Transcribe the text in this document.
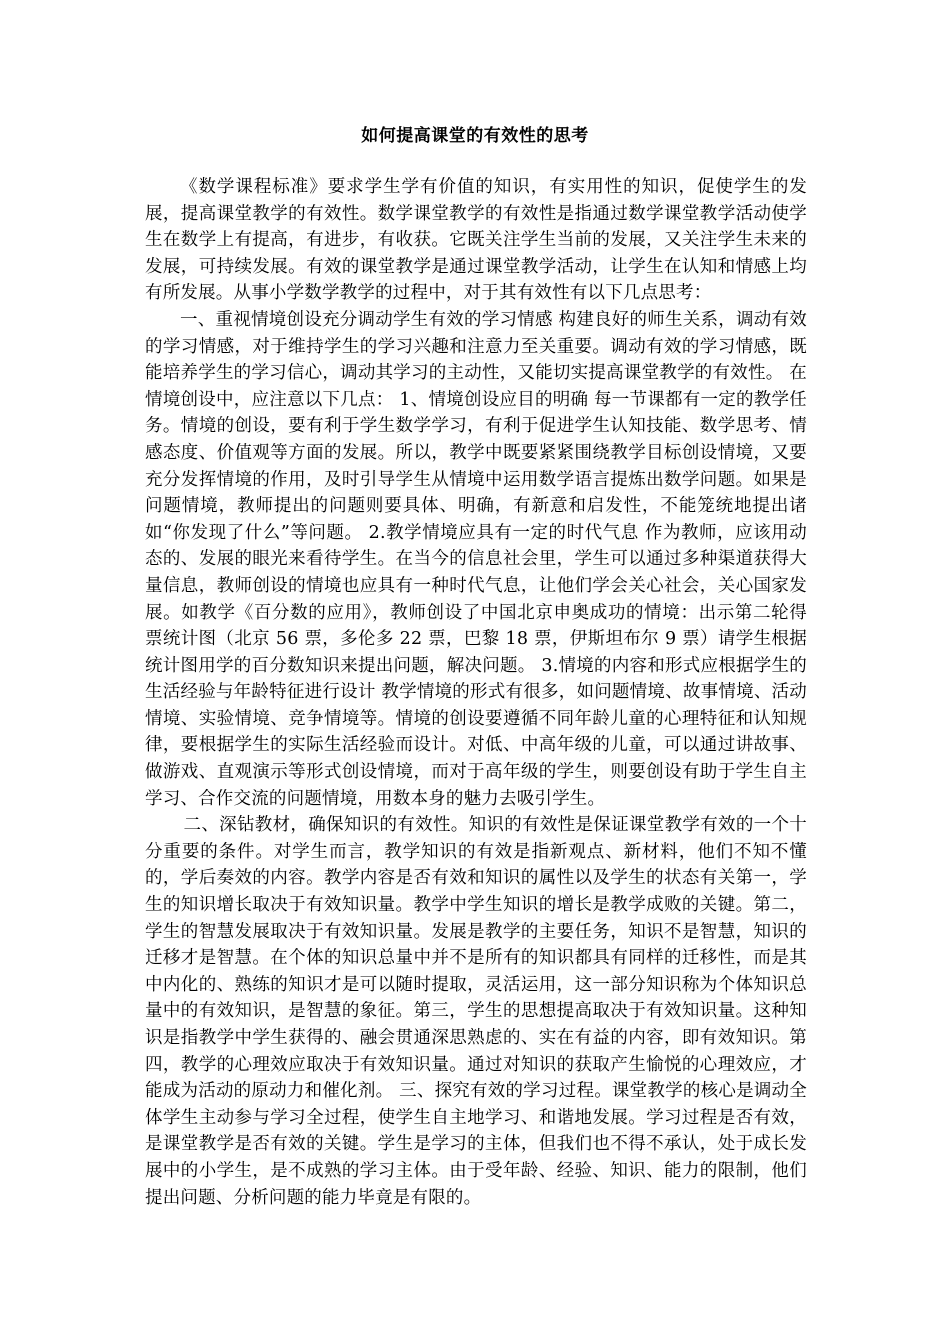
如何提高课堂的有效性的思考

《数学课程标准》要求学生学有价值的知识，有实用性的知识，促使学生的发展，提高课堂教学的有效性。数学课堂教学的有效性是指通过数学课堂教学活动使学生在数学上有提高，有进步，有收获。它既关注学生当前的发展，又关注学生未来的发展，可持续发展。有效的课堂教学是通过课堂教学活动，让学生在认知和情感上均有所发展。从事小学数学教学的过程中，对于其有效性有以下几点思考：

一、重视情境创设充分调动学生有效的学习情感 构建良好的师生关系，调动有效的学习情感，对于维持学生的学习兴趣和注意力至关重要。调动有效的学习情感，既能培养学生的学习信心，调动其学习的主动性，又能切实提高课堂教学的有效性。 在情境创设中，应注意以下几点： 1、情境创设应目的明确 每一节课都有一定的教学任务。情境的创设，要有利于学生数学学习，有利于促进学生认知技能、数学思考、情感态度、价值观等方面的发展。所以，教学中既要紧紧围绕教学目标创设情境，又要充分发挥情境的作用，及时引导学生从情境中运用数学语言提炼出数学问题。如果是问题情境，教师提出的问题则要具体、明确，有新意和启发性，不能笼统地提出诸如“你发现了什么”等问题。 2.教学情境应具有一定的时代气息 作为教师，应该用动态的、发展的眼光来看待学生。在当今的信息社会里，学生可以通过多种渠道获得大量信息，教师创设的情境也应具有一种时代气息，让他们学会关心社会，关心国家发展。如教学《百分数的应用》，教师创设了中国北京申奥成功的情境：出示第二轮得票统计图（北京 56 票，多伦多 22 票，巴黎 18 票，伊斯坦布尔 9 票）请学生根据统计图用学的百分数知识来提出问题，解决问题。 3.情境的内容和形式应根据学生的生活经验与年龄特征进行设计 教学情境的形式有很多，如问题情境、故事情境、活动情境、实验情境、竞争情境等。情境的创设要遵循不同年龄儿童的心理特征和认知规律，要根据学生的实际生活经验而设计。对低、中高年级的儿童，可以通过讲故事、做游戏、直观演示等形式创设情境，而对于高年级的学生，则要创设有助于学生自主学习、合作交流的问题情境，用数本身的魅力去吸引学生。

二、深钻教材，确保知识的有效性。知识的有效性是保证课堂教学有效的一个十分重要的条件。对学生而言，教学知识的有效是指新观点、新材料，他们不知不懂的，学后奏效的内容。教学内容是否有效和知识的属性以及学生的状态有关第一，学生的知识增长取决于有效知识量。教学中学生知识的增长是教学成败的关键。第二，学生的智慧发展取决于有效知识量。发展是教学的主要任务，知识不是智慧，知识的迁移才是智慧。在个体的知识总量中并不是所有的知识都具有同样的迁移性，而是其中内化的、熟练的知识才是可以随时提取，灵活运用，这一部分知识称为个体知识总量中的有效知识，是智慧的象征。第三，学生的思想提高取决于有效知识量。这种知识是指教学中学生获得的、融会贯通深思熟虑的、实在有益的内容，即有效知识。第四，教学的心理效应取决于有效知识量。通过对知识的获取产生愉悦的心理效应，才能成为活动的原动力和催化剂。 三、探究有效的学习过程。课堂教学的核心是调动全体学生主动参与学习全过程，使学生自主地学习、和谐地发展。学习过程是否有效，是课堂教学是否有效的关键。学生是学习的主体，但我们也不得不承认，处于成长发展中的小学生，是不成熟的学习主体。由于受年龄、经验、知识、能力的限制，他们提出问题、分析问题的能力毕竟是有限的。
